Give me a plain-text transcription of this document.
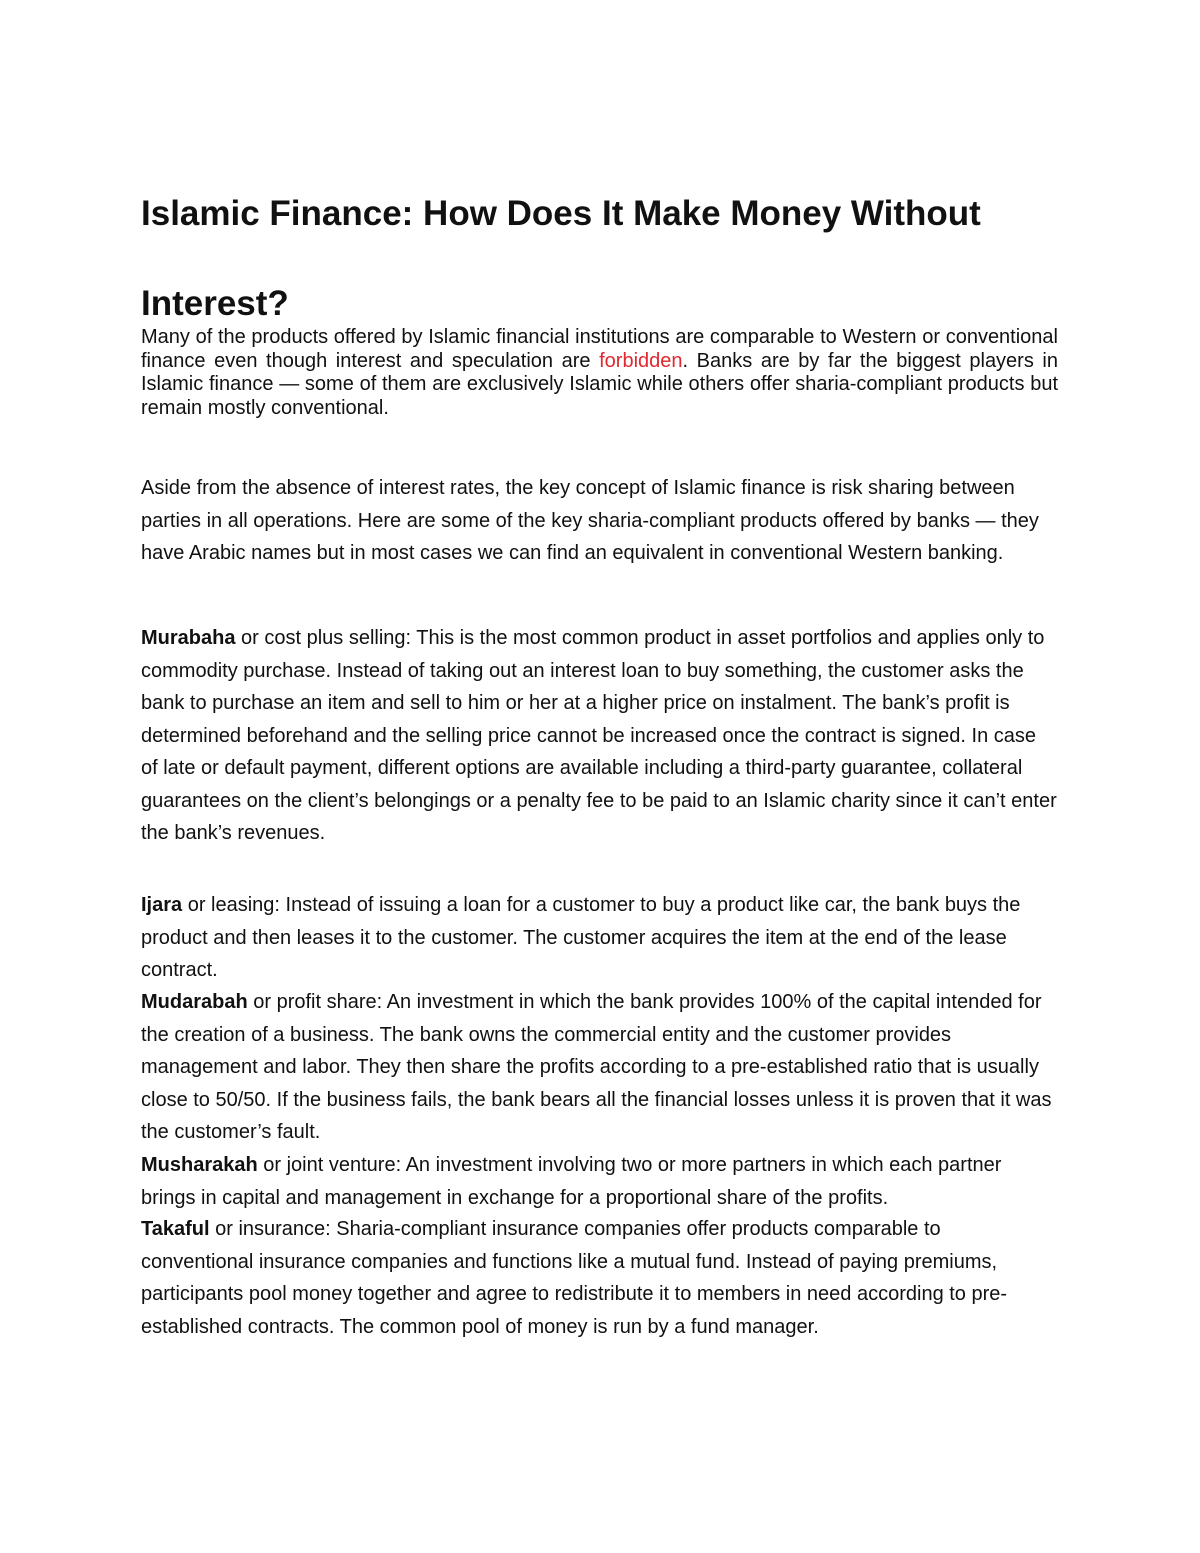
Islamic Finance: How Does It Make Money Without
Interest?

Many of the products offered by Islamic financial institutions are comparable to Western or conventional finance even though interest and speculation are forbidden. Banks are by far the biggest players in Islamic finance — some of them are exclusively Islamic while others offer sharia-compliant products but remain mostly conventional.

Aside from the absence of interest rates, the key concept of Islamic finance is risk sharing between parties in all operations. Here are some of the key sharia-compliant products offered by banks — they have Arabic names but in most cases we can find an equivalent in conventional Western banking.

Murabaha or cost plus selling: This is the most common product in asset portfolios and applies only to commodity purchase. Instead of taking out an interest loan to buy something, the customer asks the bank to purchase an item and sell to him or her at a higher price on instalment. The bank’s profit is determined beforehand and the selling price cannot be increased once the contract is signed. In case of late or default payment, different options are available including a third-party guarantee, collateral guarantees on the client’s belongings or a penalty fee to be paid to an Islamic charity since it can’t enter the bank’s revenues.

Ijara or leasing: Instead of issuing a loan for a customer to buy a product like car, the bank buys the product and then leases it to the customer. The customer acquires the item at the end of the lease contract.

Mudarabah or profit share: An investment in which the bank provides 100% of the capital intended for the creation of a business. The bank owns the commercial entity and the customer provides management and labor. They then share the profits according to a pre-established ratio that is usually close to 50/50. If the business fails, the bank bears all the financial losses unless it is proven that it was the customer’s fault.

Musharakah or joint venture: An investment involving two or more partners in which each partner brings in capital and management in exchange for a proportional share of the profits.

Takaful or insurance: Sharia-compliant insurance companies offer products comparable to conventional insurance companies and functions like a mutual fund. Instead of paying premiums, participants pool money together and agree to redistribute it to members in need according to pre-established contracts. The common pool of money is run by a fund manager.
